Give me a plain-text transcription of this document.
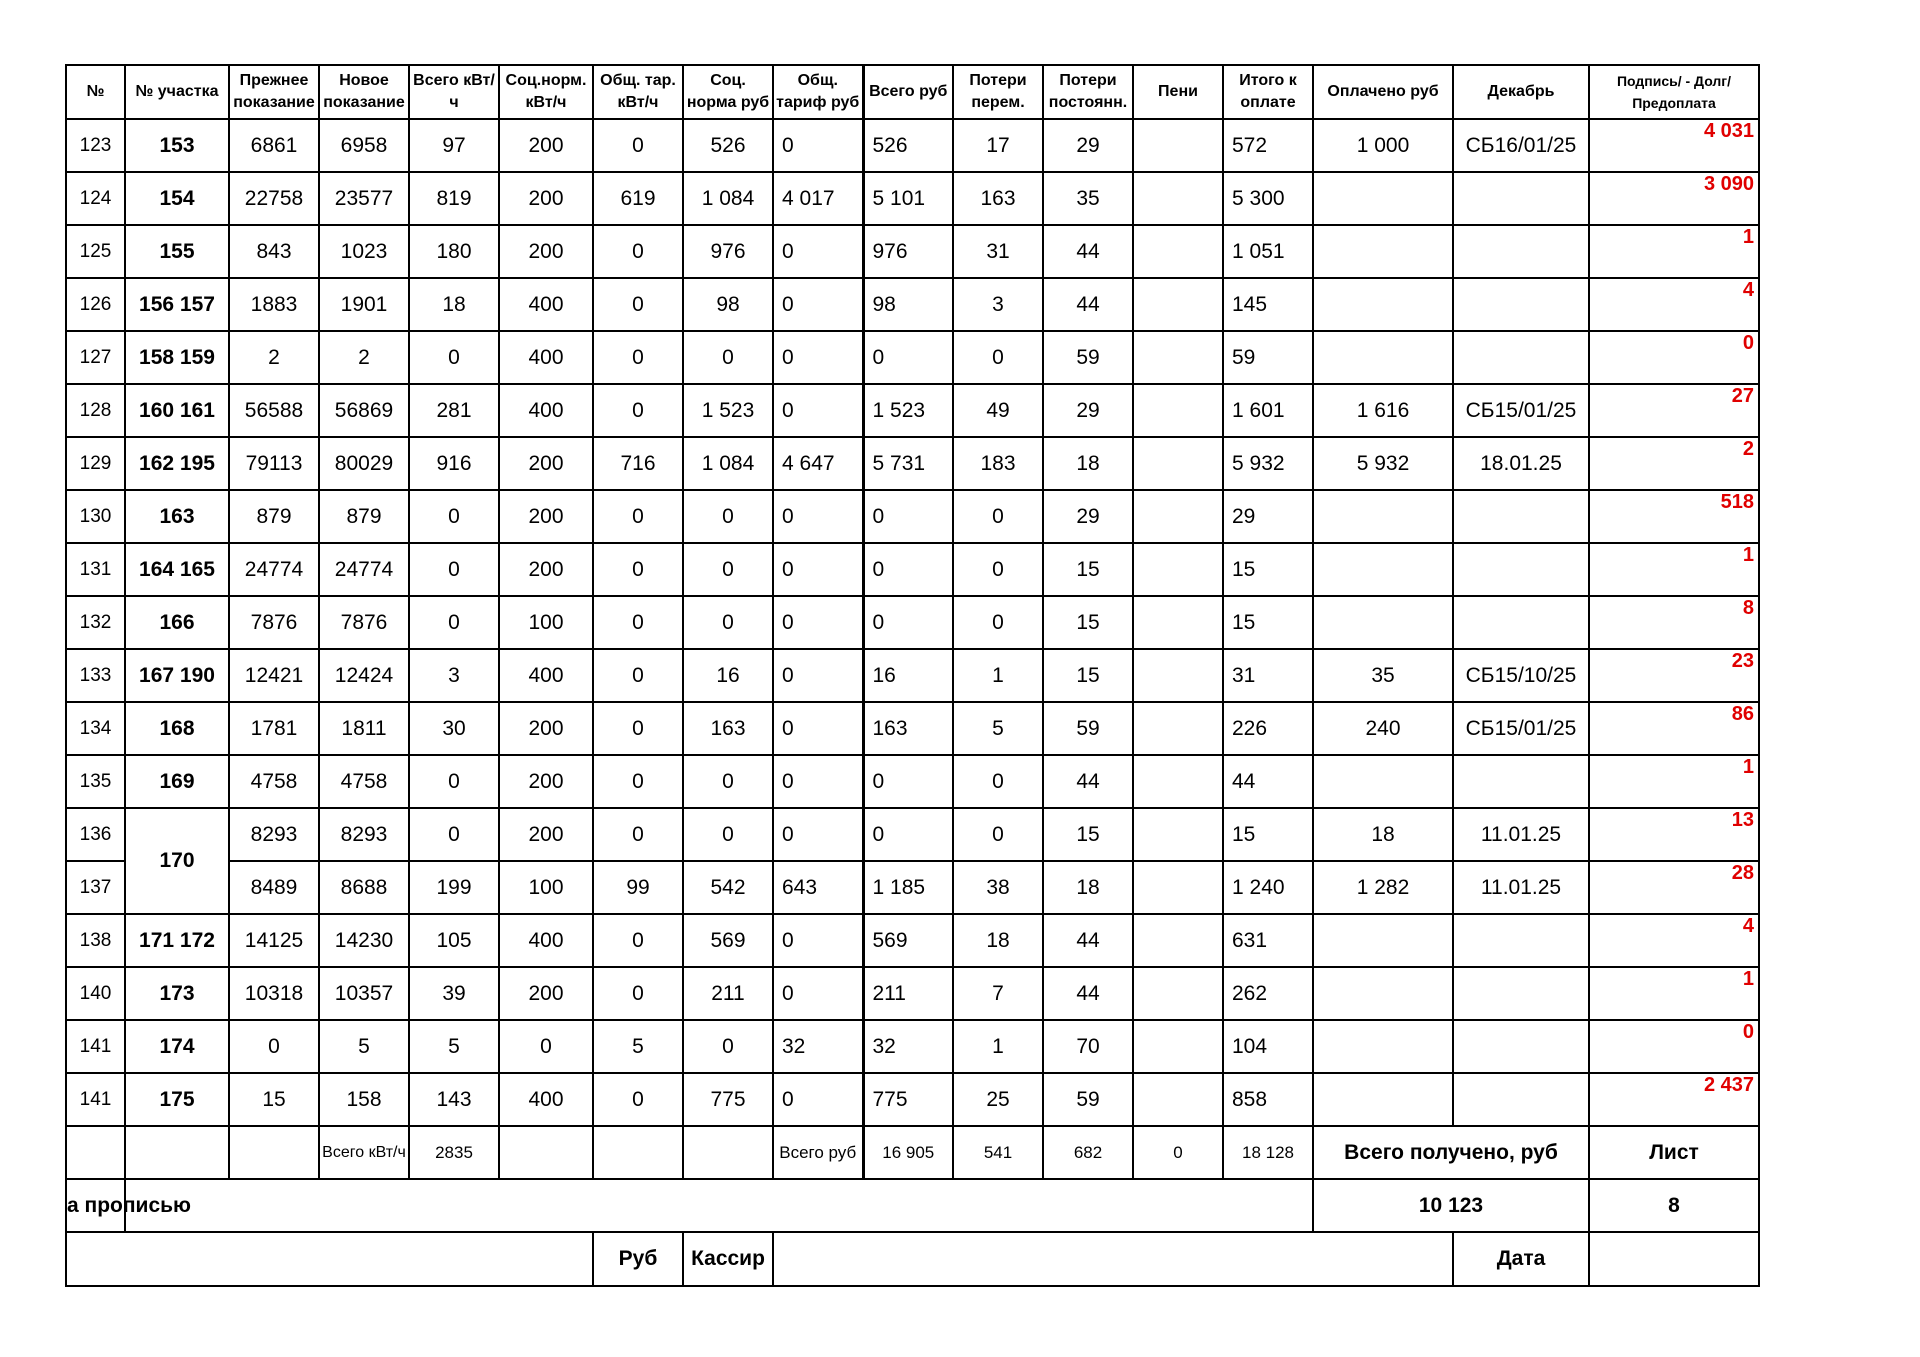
№	№ участка	Прежнее показание	Новое показание	Всего кВт/ч	Соц.норм. кВт/ч	Общ. тар. кВт/ч	Соц. норма руб	Общ. тариф руб	Всего руб	Потери перем.	Потери постоянн.	Пени	Итого к оплате	Оплачено руб	Декабрь	Подпись/ - Долг/Предоплата
123	153	6861	6958	97	200	0	526	0	526	17	29		572	1 000	СБ16/01/25	4 031
124	154	22758	23577	819	200	619	1 084	4 017	5 101	163	35		5 300			3 090
125	155	843	1023	180	200	0	976	0	976	31	44		1 051			1
126	156 157	1883	1901	18	400	0	98	0	98	3	44		145			4
127	158 159	2	2	0	400	0	0	0	0	0	59		59			0
128	160 161	56588	56869	281	400	0	1 523	0	1 523	49	29		1 601	1 616	СБ15/01/25	27
129	162 195	79113	80029	916	200	716	1 084	4 647	5 731	183	18		5 932	5 932	18.01.25	2
130	163	879	879	0	200	0	0	0	0	0	29		29			518
131	164 165	24774	24774	0	200	0	0	0	0	0	15		15			1
132	166	7876	7876	0	100	0	0	0	0	0	15		15			8
133	167 190	12421	12424	3	400	0	16	0	16	1	15		31	35	СБ15/10/25	23
134	168	1781	1811	30	200	0	163	0	163	5	59		226	240	СБ15/01/25	86
135	169	4758	4758	0	200	0	0	0	0	0	44		44			1
136	170	8293	8293	0	200	0	0	0	0	0	15		15	18	11.01.25	13
137		8489	8688	199	100	99	542	643	1 185	38	18		1 240	1 282	11.01.25	28
138	171 172	14125	14230	105	400	0	569	0	569	18	44		631			4
140	173	10318	10357	39	200	0	211	0	211	7	44		262			1
141	174	0	5	5	0	5	0	32	32	1	70		104			0
141	175	15	158	143	400	0	775	0	775	25	59		858			2 437
			Всего кВт/ч	2835				Всего руб	16 905	541	682	0	18 128	Всего получено, руб		Лист
а прописью														10 123		8
						Руб	Кассир								Дата	
